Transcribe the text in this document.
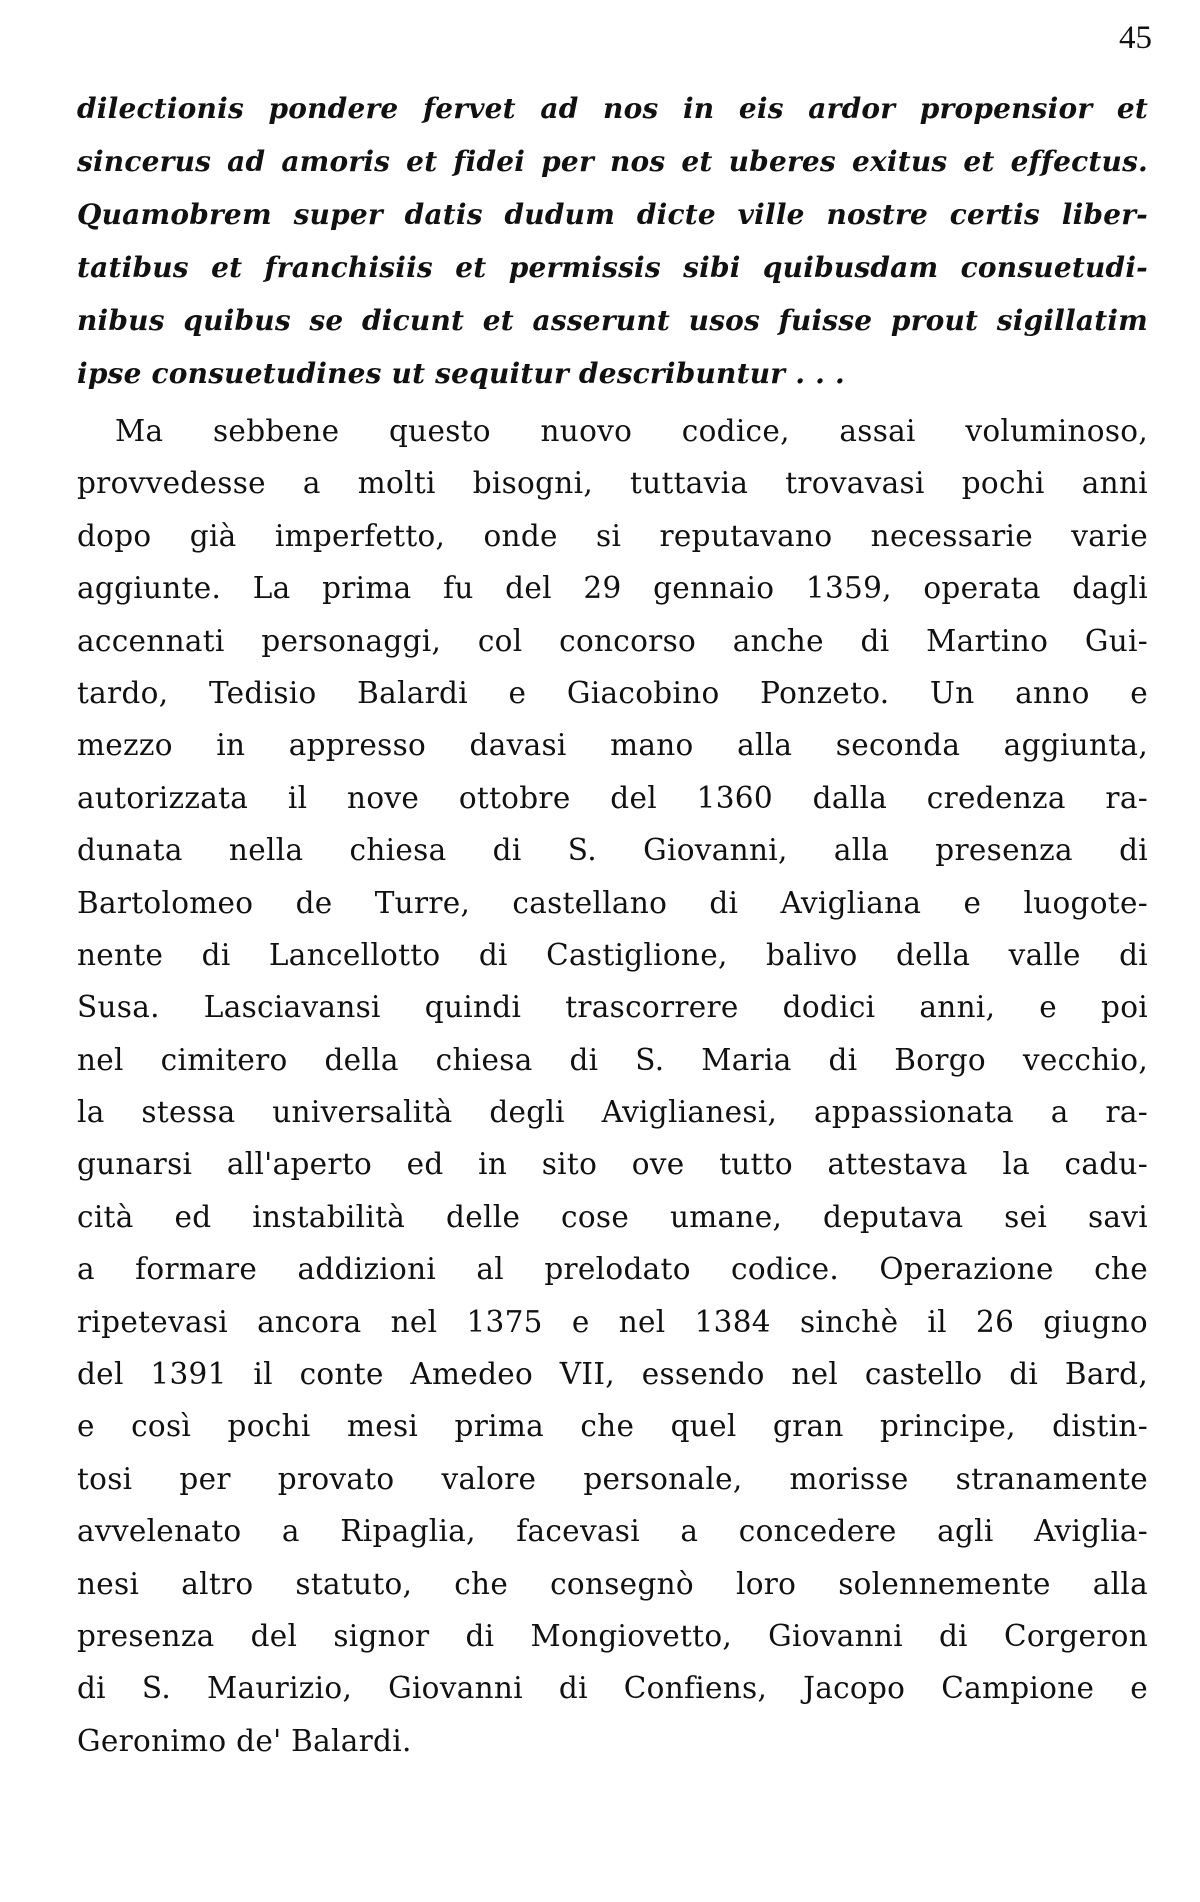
45
dilectionis pondere fervet ad nos in eis ardor propensior et
sincerus ad amoris et fidei per nos et uberes exitus et effectus.
Quamobrem super datis dudum dicte ville nostre certis liber-
tatibus et franchisiis et permissis sibi quibusdam consuetudi-
nibus quibus se dicunt et asserunt usos fuisse prout sigillatim
ipse consuetudines ut sequitur describuntur . . .
Ma sebbene questo nuovo codice, assai voluminoso,
provvedesse a molti bisogni, tuttavia trovavasi pochi anni
dopo già imperfetto, onde si reputavano necessarie varie
aggiunte. La prima fu del 29 gennaio 1359, operata dagli
accennati personaggi, col concorso anche di Martino Gui-
tardo, Tedisio Balardi e Giacobino Ponzeto. Un anno e
mezzo in appresso davasi mano alla seconda aggiunta,
autorizzata il nove ottobre del 1360 dalla credenza ra-
dunata nella chiesa di S. Giovanni, alla presenza di
Bartolomeo de Turre, castellano di Avigliana e luogote-
nente di Lancellotto di Castiglione, balivo della valle di
Susa. Lasciavansi quindi trascorrere dodici anni, e poi
nel cimitero della chiesa di S. Maria di Borgo vecchio,
la stessa universalità degli Aviglianesi, appassionata a ra-
gunarsi all'aperto ed in sito ove tutto attestava la cadu-
cità ed instabilità delle cose umane, deputava sei savi
a formare addizioni al prelodato codice. Operazione che
ripetevasi ancora nel 1375 e nel 1384 sinchè il 26 giugno
del 1391 il conte Amedeo VII, essendo nel castello di Bard,
e così pochi mesi prima che quel gran principe, distin-
tosi per provato valore personale, morisse stranamente
avvelenato a Ripaglia, facevasi a concedere agli Avigliа-
nesi altro statuto, che consegnò loro solennemente alla
presenza del signor di Mongiovetto, Giovanni di Corgeron
di S. Maurizio, Giovanni di Confiens, Jacopo Campione e
Geronimo de' Balardi.
